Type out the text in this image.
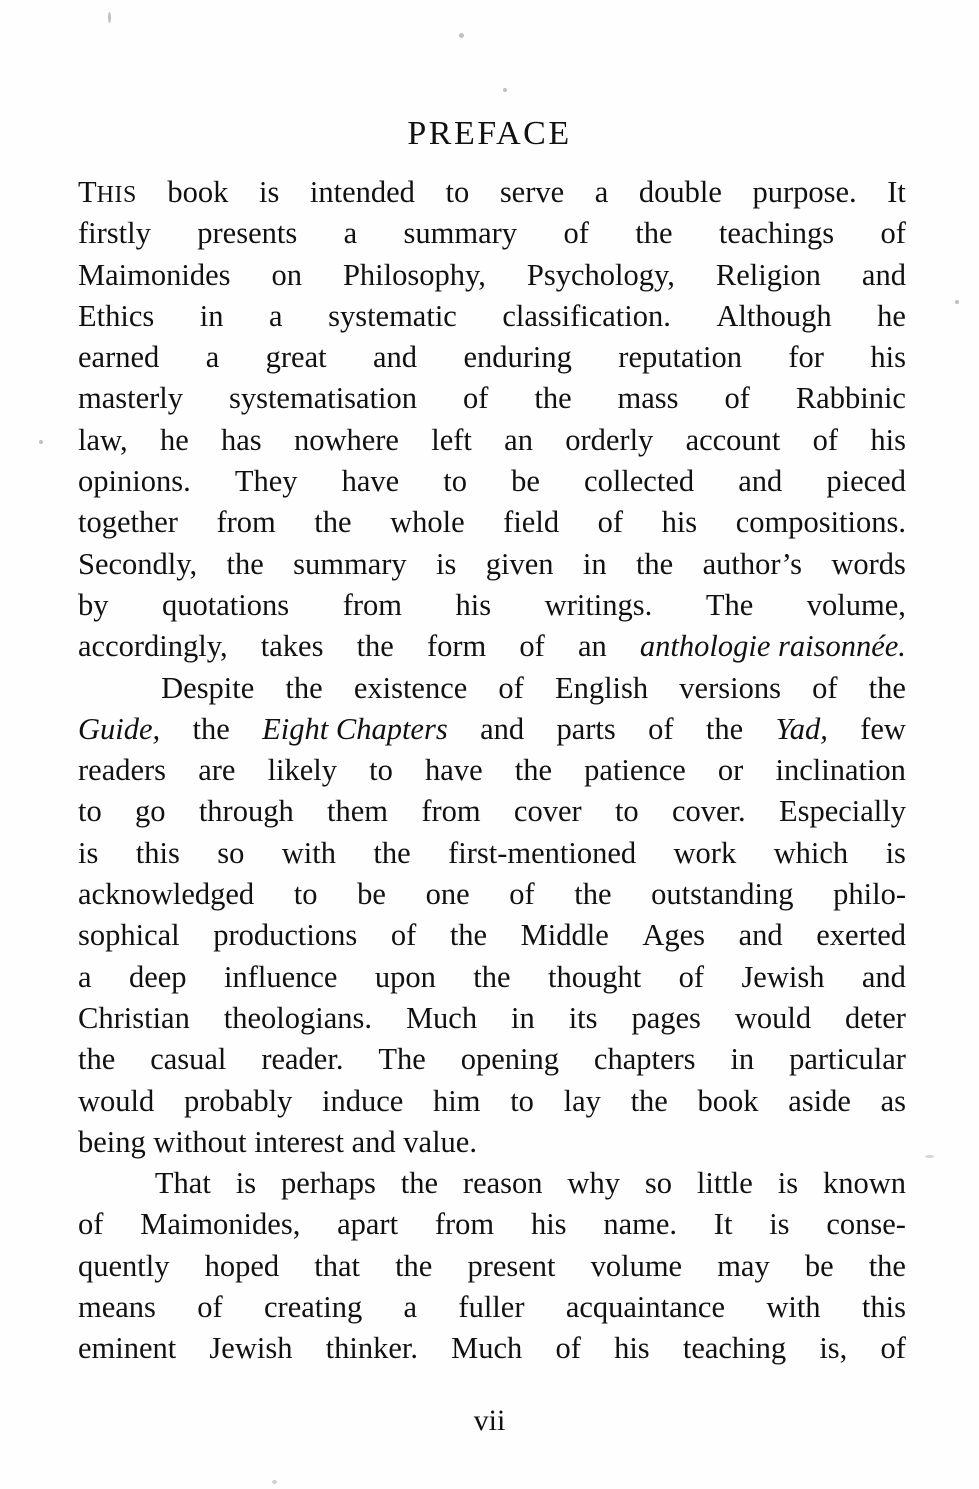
PREFACE

THIS book is intended to serve a double purpose. It
firstly presents a summary of the teachings of
Maimonides on Philosophy, Psychology, Religion and
Ethics in a systematic classification. Although he
earned a great and enduring reputation for his
masterly systematisation of the mass of Rabbinic
law, he has nowhere left an orderly account of his
opinions. They have to be collected and pieced
together from the whole field of his compositions.
Secondly, the summary is given in the author’s words
by quotations from his writings. The volume,
accordingly, takes the form of an anthologie raisonnée.

Despite the existence of English versions of the
Guide, the Eight Chapters and parts of the Yad, few
readers are likely to have the patience or inclination
to go through them from cover to cover. Especially
is this so with the first-mentioned work which is
acknowledged to be one of the outstanding philo-
sophical productions of the Middle Ages and exerted
a deep influence upon the thought of Jewish and
Christian theologians. Much in its pages would deter
the casual reader. The opening chapters in particular
would probably induce him to lay the book aside as
being without interest and value.

That is perhaps the reason why so little is known
of Maimonides, apart from his name. It is conse-
quently hoped that the present volume may be the
means of creating a fuller acquaintance with this
eminent Jewish thinker. Much of his teaching is, of

vii
